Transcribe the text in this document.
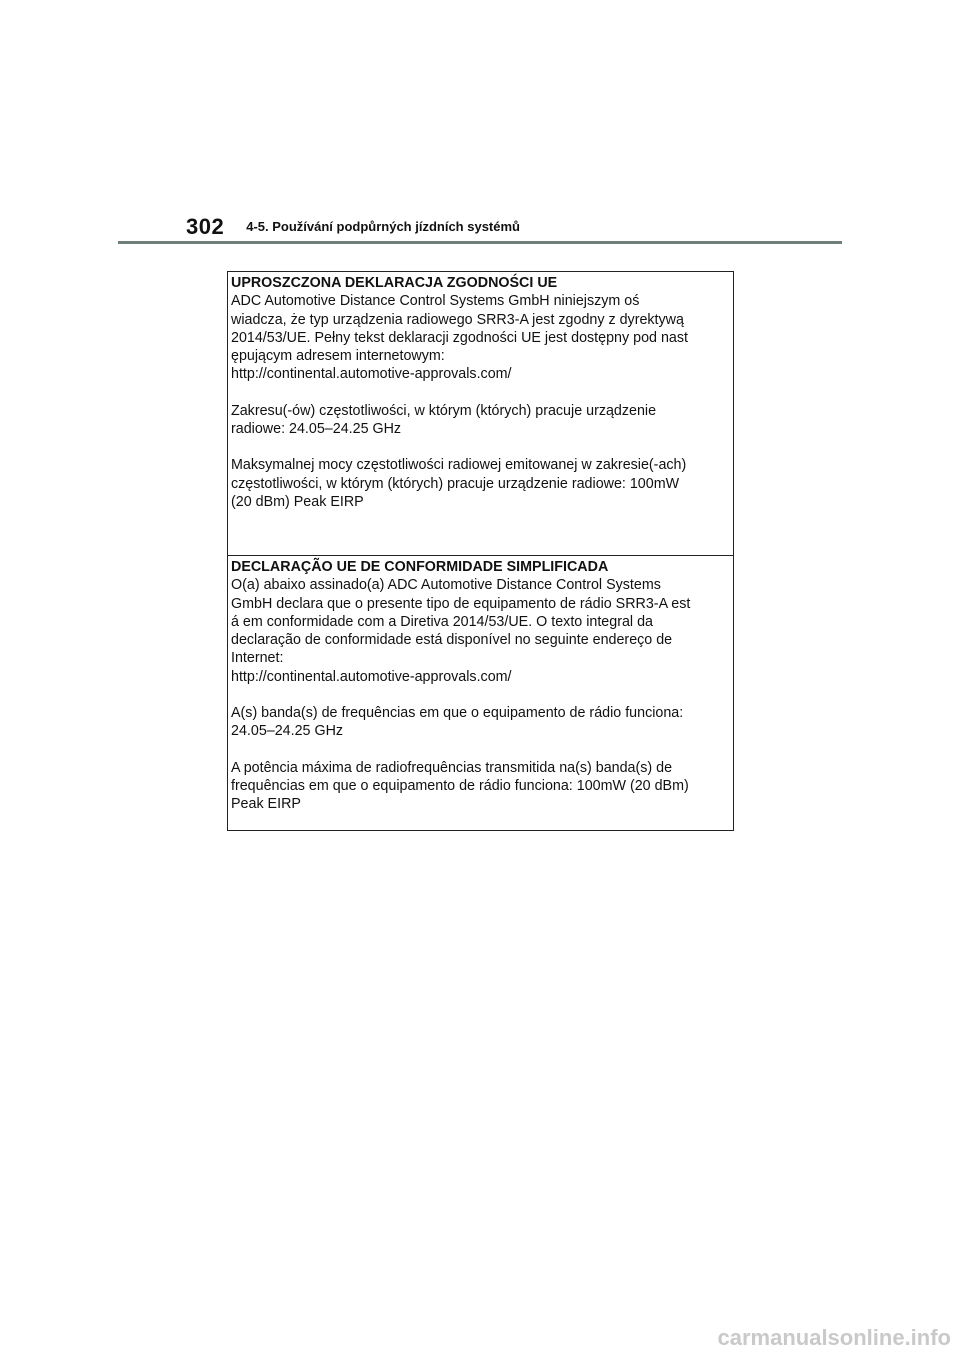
302 4-5. Používání podpůrných jízdních systémů

UPROSZCZONA DEKLARACJA ZGODNOŚCI UE

ADC Automotive Distance Control Systems GmbH niniejszym oś
wiadcza, że typ urządzenia radiowego SRR3-A jest zgodny z dyrektywą
2014/53/UE. Pełny tekst deklaracji zgodności UE jest dostępny pod nast
ępującym adresem internetowym:
http://continental.automotive-approvals.com/

Zakresu(-ów) częstotliwości, w którym (których) pracuje urządzenie
radiowe: 24.05–24.25 GHz

Maksymalnej mocy częstotliwości radiowej emitowanej w zakresie(-ach)
częstotliwości, w którym (których) pracuje urządzenie radiowe: 100mW
(20 dBm) Peak EIRP

DECLARAÇÃO UE DE CONFORMIDADE SIMPLIFICADA

O(a) abaixo assinado(a) ADC Automotive Distance Control Systems
GmbH declara que o presente tipo de equipamento de rádio SRR3-A est
á em conformidade com a Diretiva 2014/53/UE. O texto integral da
declaração de conformidade está disponível no seguinte endereço de
Internet:
http://continental.automotive-approvals.com/

A(s) banda(s) de frequências em que o equipamento de rádio funciona:
24.05–24.25 GHz

A potência máxima de radiofrequências transmitida na(s) banda(s) de
frequências em que o equipamento de rádio funciona: 100mW (20 dBm)
Peak EIRP

carmanualsonline.info
